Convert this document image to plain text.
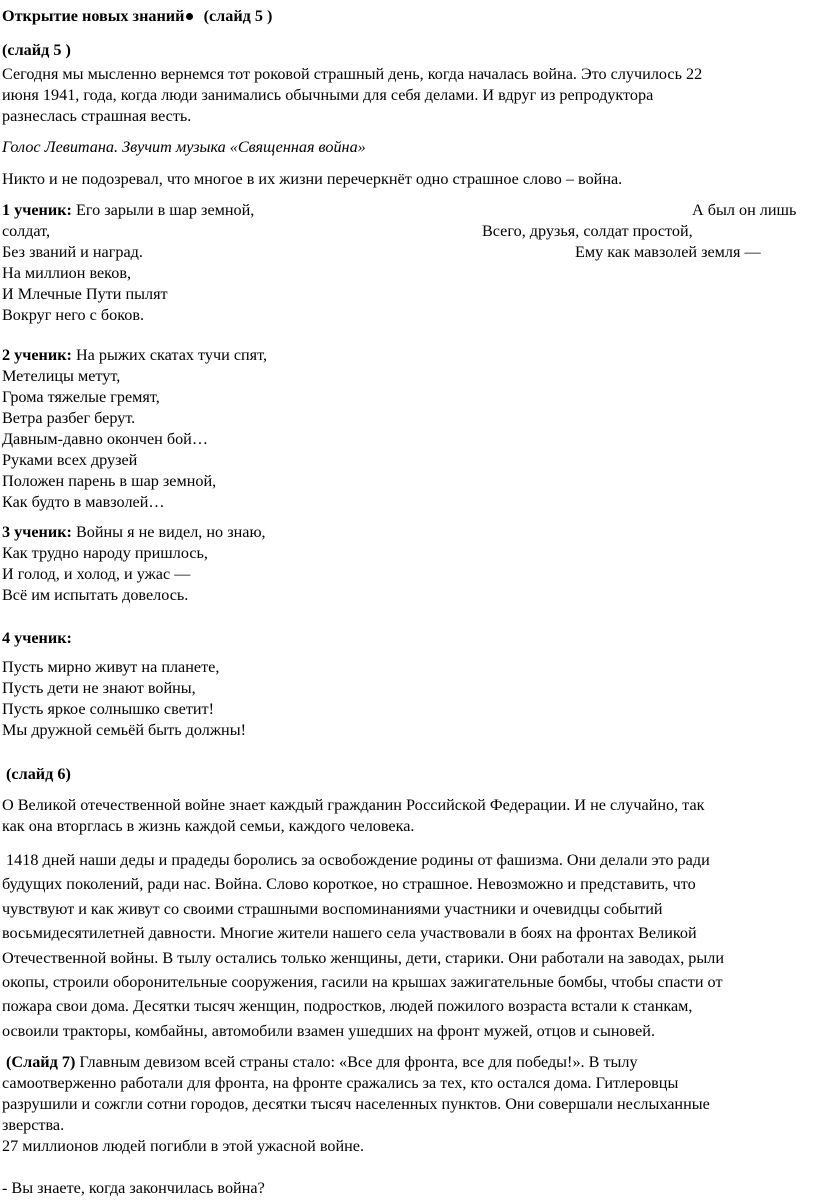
Открытие новых знаний (слайд 5 )
(слайд 5 )
Сегодня мы мысленно вернемся тот роковой страшный день, когда началась война. Это случилось 22
июня 1941, года, когда люди занимались обычными для себя делами. И вдруг из репродуктора
разнеслась страшная весть.
Голос Левитана. Звучит музыка «Священная война»
Никто и не подозревал, что многое в их жизни перечеркнёт одно страшное слово – война.
1 ученик: Его зарыли в шар земной,	А был он лишь
солдат,	Всего, друзья, солдат простой,
Без званий и наград.	Ему как мавзолей земля —
На миллион веков,
И Млечные Пути пылят
Вокруг него с боков.
2 ученик: На рыжих скатах тучи спят,
Метелицы метут,
Грома тяжелые гремят,
Ветра разбег берут.
Давным-давно окончен бой…
Руками всех друзей
Положен парень в шар земной,
Как будто в мавзолей…
3 ученик: Войны я не видел, но знаю,
Как трудно народу пришлось,
И голод, и холод, и ужас —
Всё им испытать довелось.
4 ученик:
Пусть мирно живут на планете,
Пусть дети не знают войны,
Пусть яркое солнышко светит!
Мы дружной семьёй быть должны!
(слайд 6)
О Великой отечественной войне знает каждый гражданин Российской Федерации. И не случайно, так
как она вторглась в жизнь каждой семьи, каждого человека.
1418 дней наши деды и прадеды боролись за освобождение родины от фашизма. Они делали это ради
будущих поколений, ради нас. Война. Слово короткое, но страшное. Невозможно и представить, что
чувствуют и как живут со своими страшными воспоминаниями участники и очевидцы событий
восьмидесятилетней давности. Многие жители нашего села участвовали в боях на фронтах Великой
Отечественной войны. В тылу остались только женщины, дети, старики. Они работали на заводах, рыли
окопы, строили оборонительные сооружения, гасили на крышах зажигательные бомбы, чтобы спасти от
пожара свои дома. Десятки тысяч женщин, подростков, людей пожилого возраста встали к станкам,
освоили тракторы, комбайны, автомобили взамен ушедших на фронт мужей, отцов и сыновей.
(Слайд 7) Главным девизом всей страны стало: «Все для фронта, все для победы!». В тылу
самоотверженно работали для фронта, на фронте сражались за тех, кто остался дома. Гитлеровцы
разрушили и сожгли сотни городов, десятки тысяч населенных пунктов. Они совершали неслыханные
зверства.
27 миллионов людей погибли в этой ужасной войне.
- Вы знаете, когда закончилась война?
